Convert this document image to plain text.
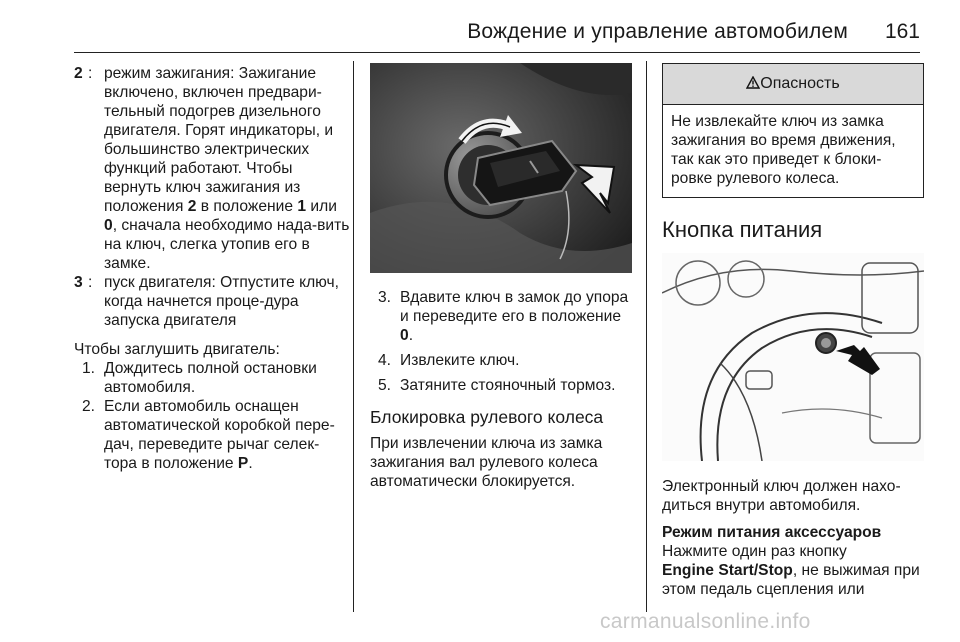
Вождение и управление автомобилем 161
2 : режим зажигания: Зажигание включено, включен предвари-тельный подогрев дизельного двигателя. Горят индикаторы, и большинство электрических функций работают. Чтобы вернуть ключ зажигания из положения 2 в положение 1 или 0, сначала необходимо нада-вить на ключ, слегка утопив его в замке.
3 : пуск двигателя: Отпустите ключ, когда начнется проце-дура запуска двигателя

Чтобы заглушить двигатель:

1. Дождитесь полной остановки автомобиля.
2. Если автомобиль оснащен автоматической коробкой пере-дач, переведите рычаг селек-тора в положение P.
3. Вдавите ключ в замок до упора и переведите его в положение 0.
4. Извлеките ключ.
5. Затяните стояночный тормоз.
Блокировка рулевого колеса

При извлечении ключа из замка зажигания вал рулевого колеса автоматически блокируется.

Опасность
Не извлекайте ключ из замка зажигания во время движения, так как это приведет к блоки-ровке рулевого колеса.
Кнопка питания

Электронный ключ должен нахо-диться внутри автомобиля.

Режим питания аксессуаров

Нажмите один раз кнопку
Engine Start/Stop, не выжимая при этом педаль сцепления или

carmanualsonline.info
